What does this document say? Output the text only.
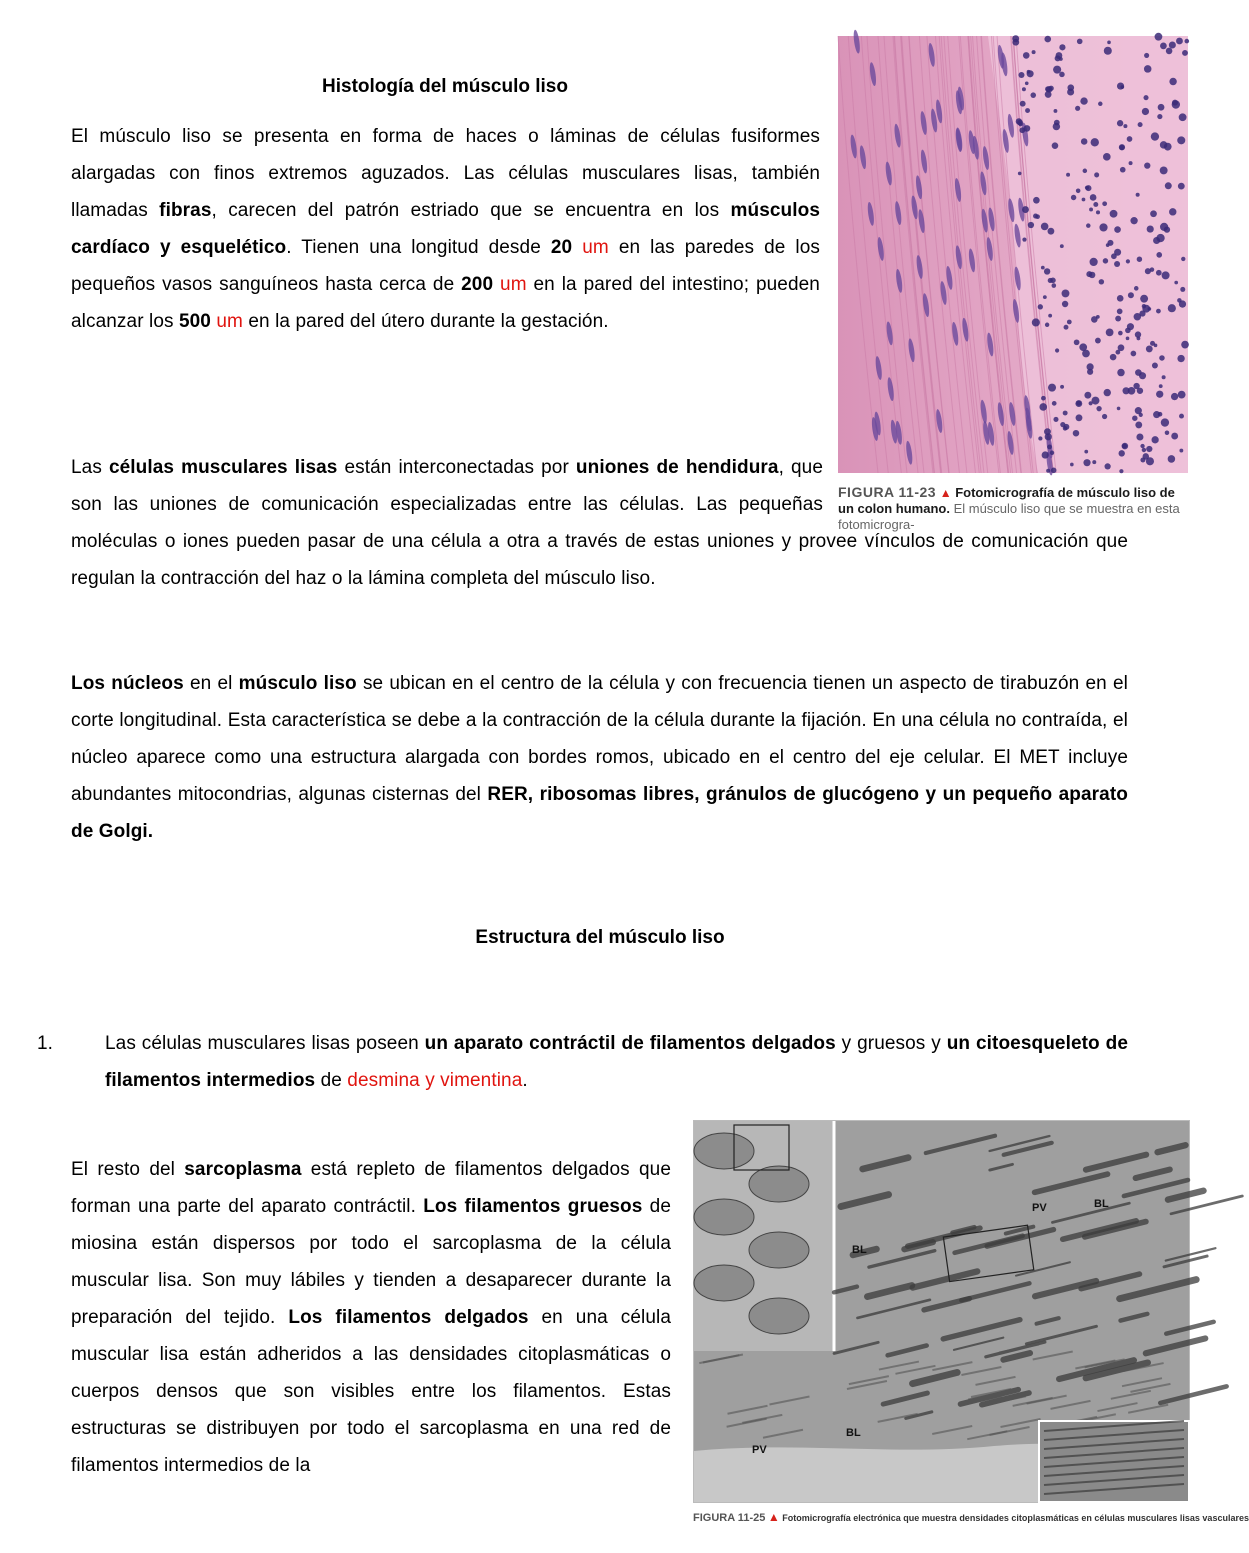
Histología del músculo liso
El músculo liso se presenta en forma de haces o láminas de células fusiformes alargadas con finos extremos aguzados. Las células musculares lisas, también llamadas fibras, carecen del patrón estriado que se encuentra en los músculos cardíaco y esquelético. Tienen una longitud desde 20 um en las paredes de los pequeños vasos sanguíneos hasta cerca de 200 um en la pared del intestino; pueden alcanzar los 500 um en la pared del útero durante la gestación.
FIGURA 11-23 ▲ Fotomicrografía de músculo liso de un colon humano. El músculo liso que se muestra en esta fotomicrogra-
Las células musculares lisas están interconectadas por uniones de hendidura, que son las uniones de comunicación especializadas entre las células. Las pequeñas moléculas o iones pueden pasar de una célula a otra a través de estas uniones y provee vínculos de comunicación que regulan la contracción del haz o la lámina completa del músculo liso.
Los núcleos en el músculo liso se ubican en el centro de la célula y con frecuencia tienen un aspecto de tirabuzón en el corte longitudinal. Esta característica se debe a la contracción de la célula durante la fijación. En una célula no contraída, el núcleo aparece como una estructura alargada con bordes romos, ubicado en el centro del eje celular. El MET incluye abundantes mitocondrias, algunas cisternas del RER, ribosomas libres, gránulos de glucógeno y un pequeño aparato de Golgi.
Estructura del músculo liso
1.	Las células musculares lisas poseen un aparato contráctil de filamentos delgados y gruesos y un citoesqueleto de filamentos intermedios de desmina y vimentina.
El resto del sarcoplasma está repleto de filamentos delgados que forman una parte del aparato contráctil. Los filamentos gruesos de miosina están dispersos por todo el sarcoplasma de la célula muscular lisa. Son muy lábiles y tienden a desaparecer durante la preparación del tejido. Los filamentos delgados en una célula muscular lisa están adheridos a las densidades citoplasmáticas o cuerpos densos que son visibles entre los filamentos. Estas estructuras se distribuyen por todo el sarcoplasma en una red de filamentos intermedios de la
BL
BL
BL
PV
PV
FIGURA 11-25 ▲ Fotomicrografía electrónica que muestra densidades citoplasmáticas en células musculares lisas vasculares
